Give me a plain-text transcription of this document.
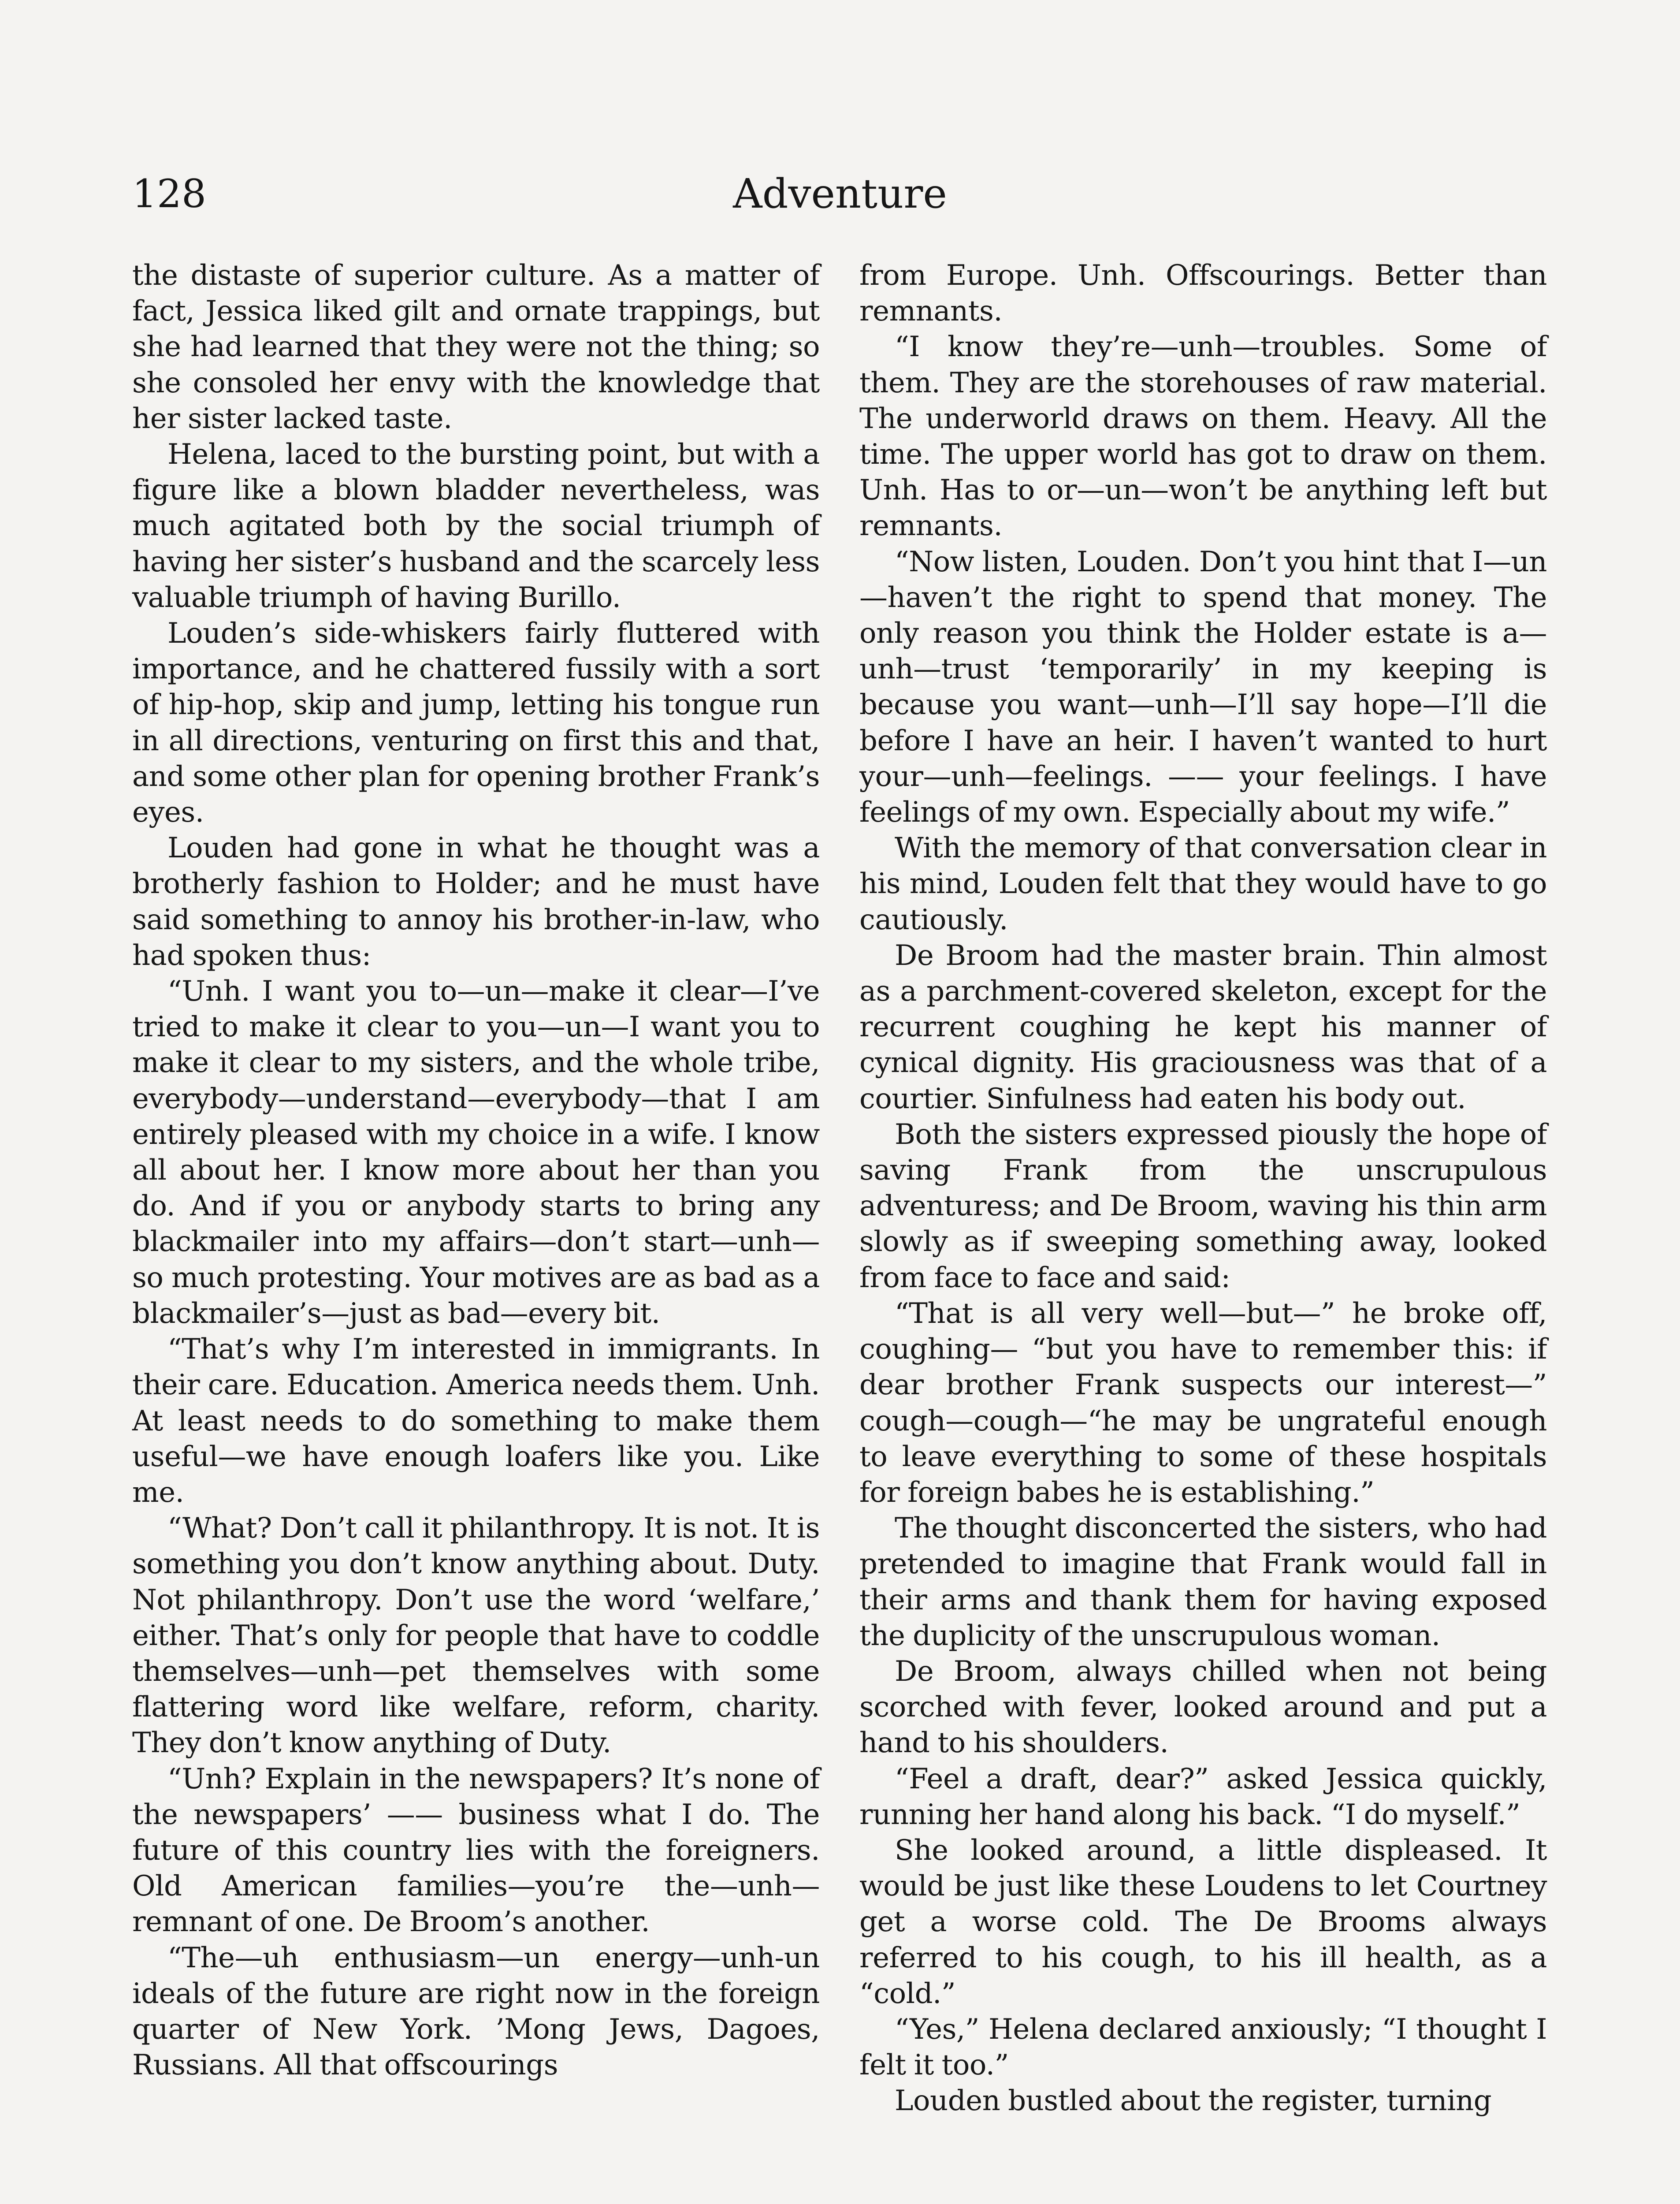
128	Adventure

the distaste of superior culture. As a matter of fact, Jessica liked gilt and ornate trappings, but she had learned that they were not the thing; so she consoled her envy with the knowledge that her sister lacked taste.

Helena, laced to the bursting point, but with a figure like a blown bladder nevertheless, was much agitated both by the social triumph of having her sister’s husband and the scarcely less valuable triumph of having Burillo.

Louden’s side-whiskers fairly fluttered with importance, and he chattered fussily with a sort of hip-hop, skip and jump, letting his tongue run in all directions, venturing on first this and that, and some other plan for opening brother Frank’s eyes.

Louden had gone in what he thought was a brotherly fashion to Holder; and he must have said something to annoy his brother-in-law, who had spoken thus:

“Unh. I want you to—un—make it clear—I’ve tried to make it clear to you—un—I want you to make it clear to my sisters, and the whole tribe, everybody—understand—everybody—that I am entirely pleased with my choice in a wife. I know all about her. I know more about her than you do. And if you or anybody starts to bring any blackmailer into my affairs—don’t start—unh—so much protesting. Your motives are as bad as a blackmailer’s—just as bad—every bit.

“That’s why I’m interested in immigrants. In their care. Education. America needs them. Unh. At least needs to do something to make them useful—we have enough loafers like you. Like me.

“What? Don’t call it philanthropy. It is not. It is something you don’t know anything about. Duty. Not philanthropy. Don’t use the word ‘welfare,’ either. That’s only for people that have to coddle themselves—unh—pet themselves with some flattering word like welfare, reform, charity. They don’t know anything of Duty.

“Unh? Explain in the newspapers? It’s none of the newspapers’ —— business what I do. The future of this country lies with the foreigners. Old American families—you’re the—unh—remnant of one. De Broom’s another.

“The—uh enthusiasm—un energy—unh-un ideals of the future are right now in the foreign quarter of New York. ’Mong Jews, Dagoes, Russians. All that offscourings

from Europe. Unh. Offscourings. Better than remnants.

“I know they’re—unh—troubles. Some of them. They are the storehouses of raw material. The underworld draws on them. Heavy. All the time. The upper world has got to draw on them. Unh. Has to or—un—won’t be anything left but remnants.

“Now listen, Louden. Don’t you hint that I—un—haven’t the right to spend that money. The only reason you think the Holder estate is a—unh—trust ‘temporarily’ in my keeping is because you want—unh—I’ll say hope—I’ll die before I have an heir. I haven’t wanted to hurt your—unh—feelings. —— your feelings. I have feelings of my own. Especially about my wife.”

With the memory of that conversation clear in his mind, Louden felt that they would have to go cautiously.

De Broom had the master brain. Thin almost as a parchment-covered skeleton, except for the recurrent coughing he kept his manner of cynical dignity. His graciousness was that of a courtier. Sinfulness had eaten his body out.

Both the sisters expressed piously the hope of saving Frank from the unscrupulous adventuress; and De Broom, waving his thin arm slowly as if sweeping something away, looked from face to face and said:

“That is all very well—but—” he broke off, coughing— “but you have to remember this: if dear brother Frank suspects our interest—” cough—cough—“he may be ungrateful enough to leave everything to some of these hospitals for foreign babes he is establishing.”

The thought disconcerted the sisters, who had pretended to imagine that Frank would fall in their arms and thank them for having exposed the duplicity of the unscrupulous woman.

De Broom, always chilled when not being scorched with fever, looked around and put a hand to his shoulders.

“Feel a draft, dear?” asked Jessica quickly, running her hand along his back. “I do myself.”

She looked around, a little displeased. It would be just like these Loudens to let Courtney get a worse cold. The De Brooms always referred to his cough, to his ill health, as a “cold.”

“Yes,” Helena declared anxiously; “I thought I felt it too.”

Louden bustled about the register, turning
